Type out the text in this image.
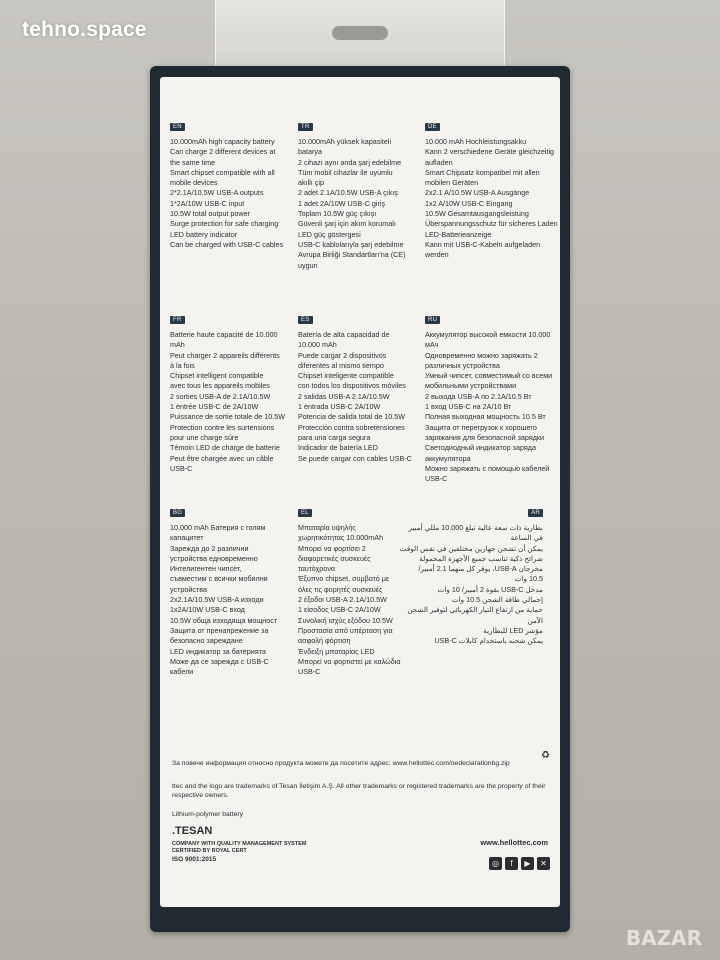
tehno.space
EN
10.000mAh high capacity battery
Can charge 2 different devices at
the same time
Smart chipset compatible with all
mobile devices
2*2.1A/10.5W USB-A outputs
1*2A/10W USB-C input
10.5W total output power
Surge protection for safe charging
LED battery indicator
Can be charged with USB-C cables
TR
10.000mAh yüksek kapasiteli
batarya
2 cihazı aynı anda şarj edebilme
Tüm mobil cihazlar ile uyumlu
akıllı çip
2 adet 2.1A/10.5W USB-A çıkış
1 adet 2A/10W USB-C giriş
Toplam 10.5W güç çıkışı
Güvenli şarj için akım korumalı
LED güç göstergesi
USB-C kablolarıyla şarj edebilme
Avrupa Birliği Standartları'na (CE)
uygun
DE
10.000 mAh Hochleistungsakku
Kann 2 verschiedene Geräte gleichzeitig
aufladen
Smart Chipsatz kompatibel mit allen
mobilen Geräten
2x2.1 A/10.5W USB-A Ausgänge
1x2 A/10W USB-C Eingang
10.5W Gesamtausgangsleistung
Überspannungsschutz für sicheres Laden
LED-Batterieanzeige
Kann mit USB-C-Kabeln aufgeladen
werden
FR
Batterie haute capacité de 10.000
mAh
Peut charger 2 appareils différents
à la fois
Chipset intelligent compatible
avec tous les appareils mobiles
2 sorties USB-A de 2.1A/10.5W
1 entrée USB-C de 2A/10W
Puissance de sortie totale de 10.5W
Protection contre les surtensions
pour une charge sûre
Témoin LED de charge de batterie
Peut être chargée avec un câble
USB-C
ES
Batería de alta capacidad de
10.000 mAh
Puede cargar 2 dispositivos
diferentes al mismo tiempo
Chipset inteligente compatible
con todos los dispositivos móviles
2 salidas USB-A 2.1A/10.5W
1 entrada USB-C 2A/10W
Potencia de salida total de 10.5W
Protección contra sobretensiones
para una carga segura
Indicador de batería LED
Se puede cargar con cables USB-C
RU
Аккумулятор высокой емкости 10.000
мАч
Одновременно можно заряжать 2
различных устройства
Умный чипсет, совместимый со всеми
мобильными устройствами
2 выхода USB-A по 2.1A/10.5 Вт
1 вход USB-C на 2A/10 Вт
Полная выходная мощность 10.5 Вт
Защита от перегрузок к хорошего
заряжания для безопасной зарядки
Светодиодный индикатор заряда
аккумулятора
Можно заряжать с помощью кабелей
USB-C
BG
10.000 mAh Батерия с голям
капацитет
Зарежда до 2 различни
устройства едновременно
Интелигентен чипсет,
съвместим с всички мобилни
устройства
2x2.1A/10.5W USB-A изходи
1x2A/10W USB-C вход
10.5W обща изходяща мощност
Защита от пренапрежение за
безопасно зареждане
LED индикатор за батерията
Може да се зарежда с USB-C
кабели
EL
Μπαταρία υψηλής
χωρητικότητας 10.000mAh
Μπορεί να φορτίσει 2
διαφορετικές συσκευές
ταυτόχρονα
Έξυπνο chipset, συμβατό με
όλες τις φορητές συσκευές
2 έξοδοι USB-A 2.1A/10.5W
1 είσοδος USB-C 2A/10W
Συνολική ισχύς εξόδου 10.5W
Προστασία από υπέρταση για
ασφαλή φόρτιση
Ένδειξη μπαταρίας LED
Μπορεί να φορτιστεί με καλώδια
USB-C
AR
بطارية ذات سعة عالية تبلغ 10.000 مللي أمبير
في الساعة
يمكن أن تشحن جهازين مختلفين في نفس الوقت
شرائح ذكية تناسب جميع الأجهزة المحمولة
مخرجان USB-A، يوفر كل منهما 2.1 أمبير/
10.5 وات
مدخل USB-C بقوة 2 أمبير/ 10 وات
إجمالي طاقة الشحن 10.5 وات
حماية من ارتفاع التيار الكهربائي لتوفير الشحن
الآمن
مؤشر LED للبطارية
يمكن شحنه باستخدام كابلات USB-C
♻
За повече информация относно продукта можете да посетите адрес: www.hellottec.com/oedeclarationbg.zip
ttec and the logo are trademarks of Tesan İletişim A.Ş. All other trademarks or registered trademarks are the property of their
respective owners.
Lithium-polymer battery
www.hellottec.com
.TESAN
COMPANY WITH QUALITY MANAGEMENT SYSTEM
CERTIFIED BY ROYAL CERT
ISO 9001:2015	◎	f	▶	✕
BAZAR
